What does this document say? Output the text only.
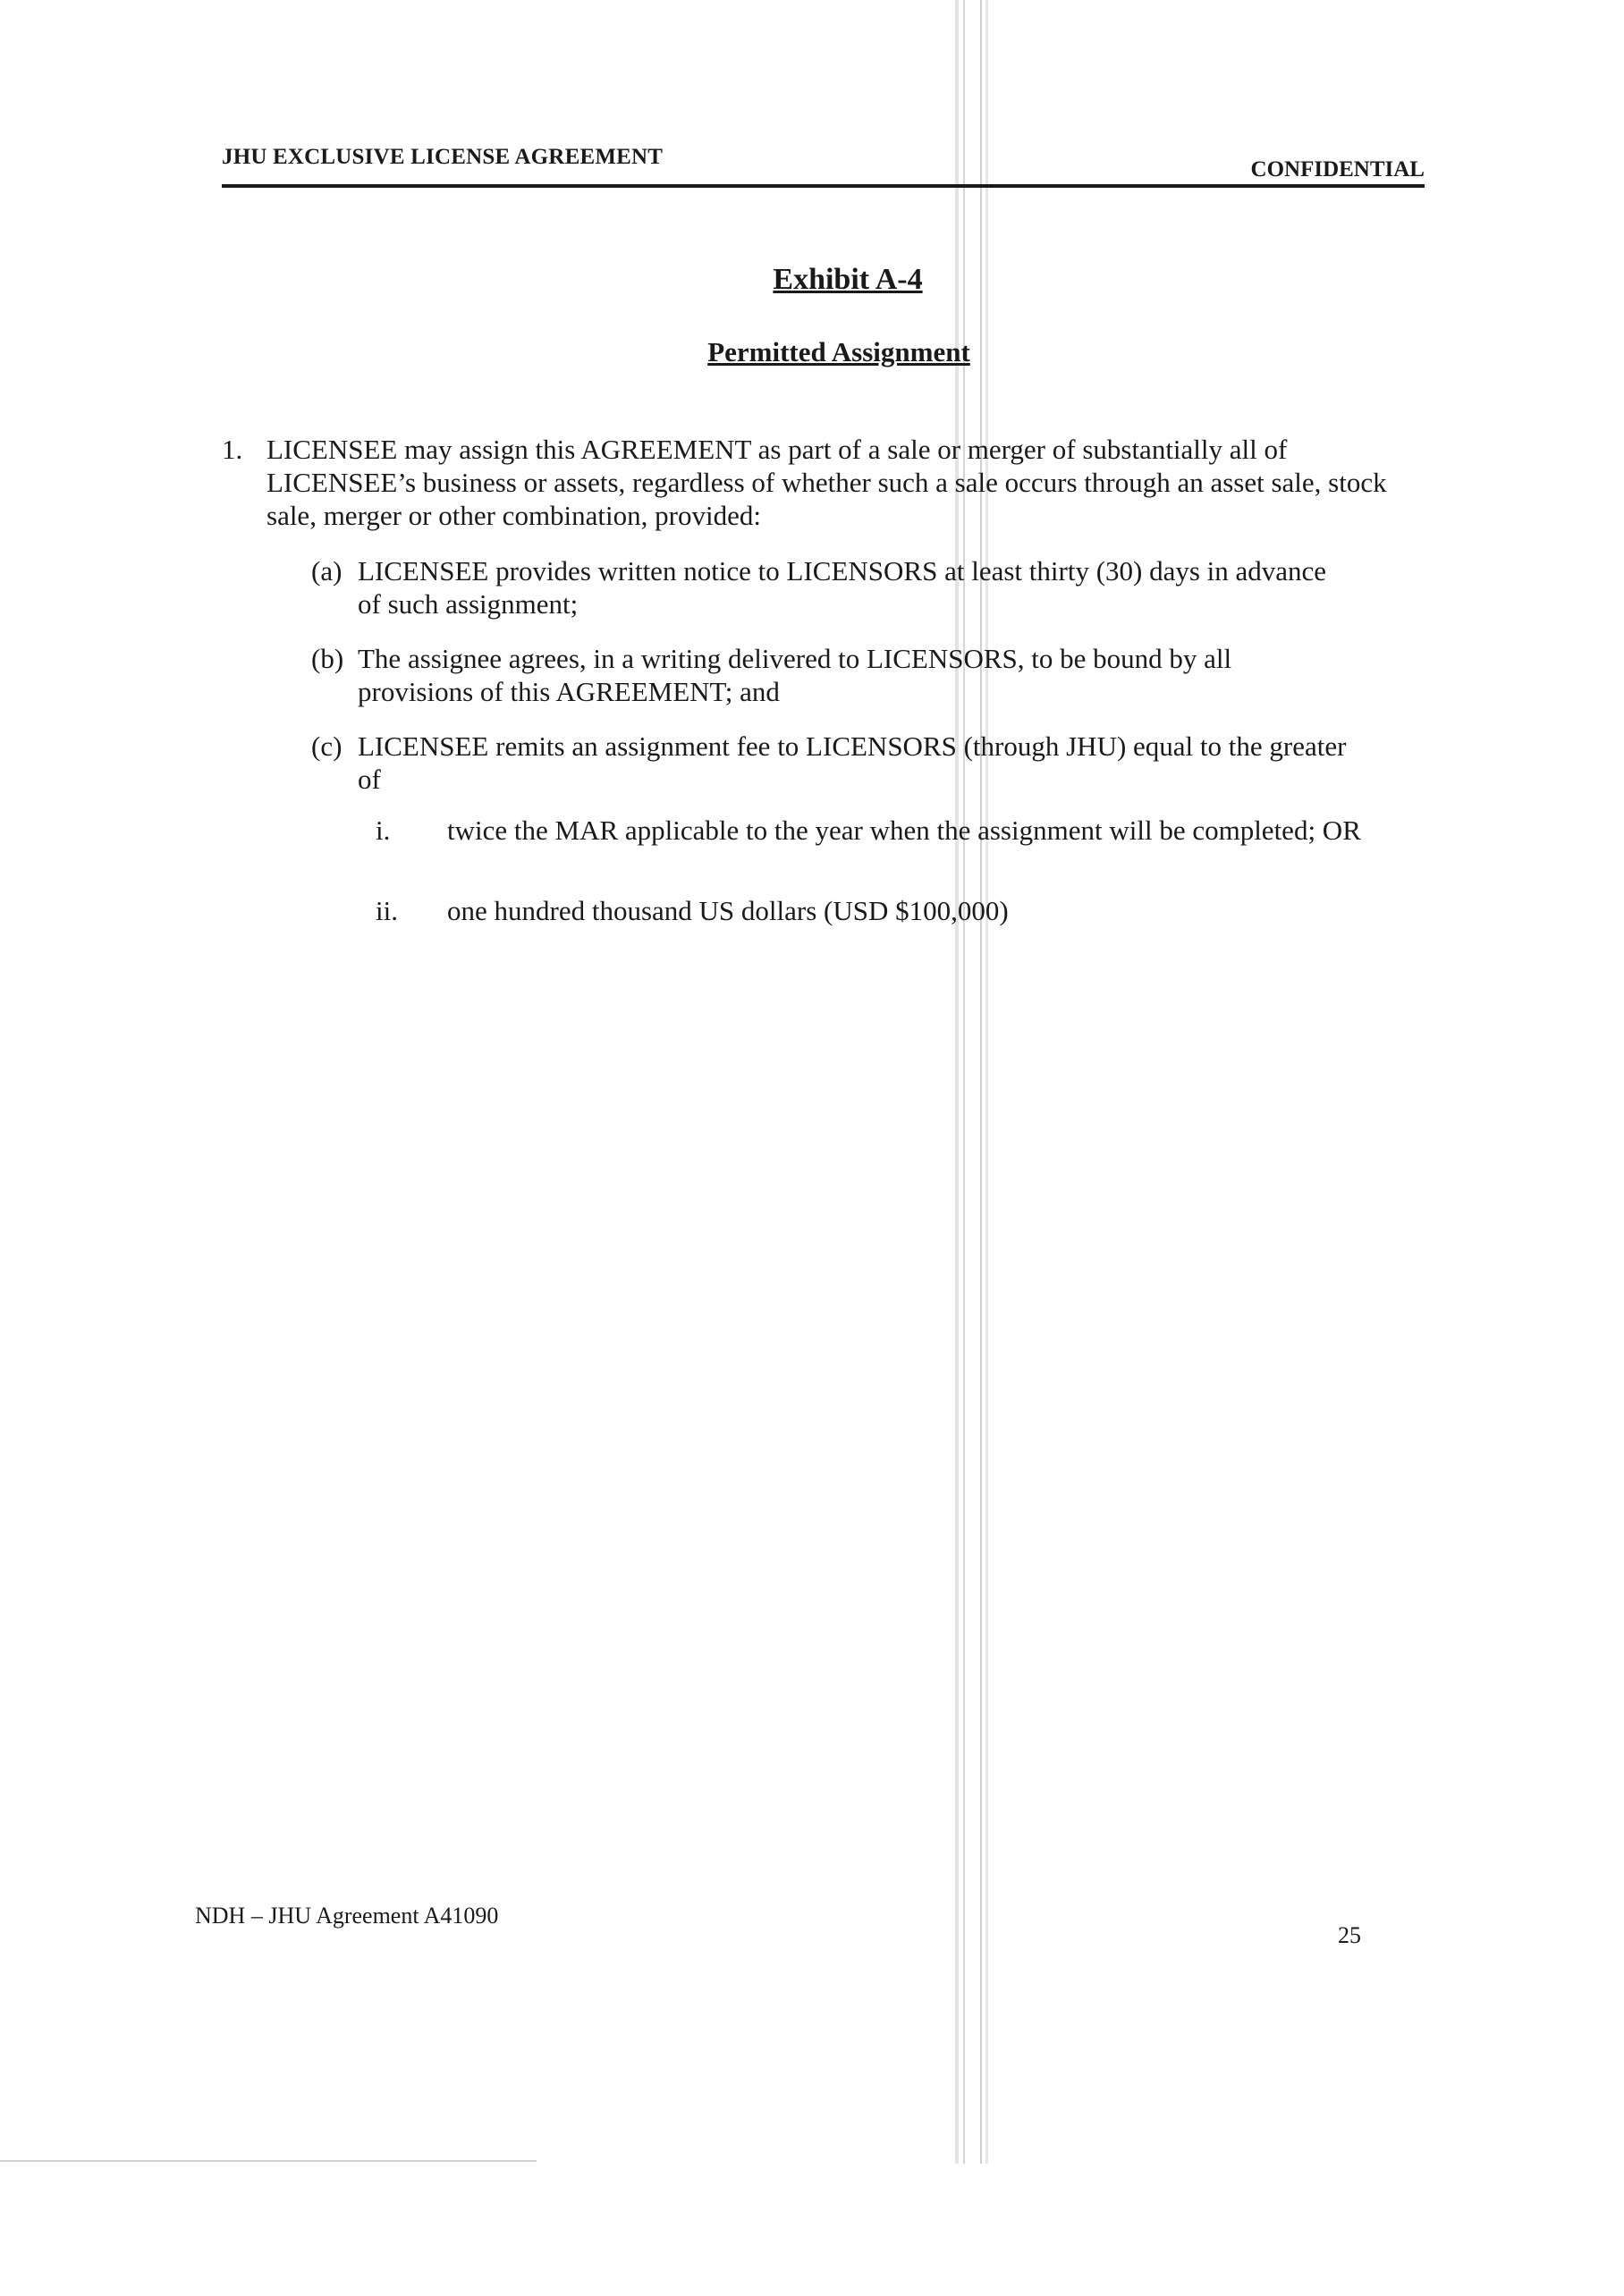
JHU EXCLUSIVE LICENSE AGREEMENT
CONFIDENTIAL
Exhibit A-4
Permitted Assignment
1. LICENSEE may assign this AGREEMENT as part of a sale or merger of substantially all of LICENSEE’s business or assets, regardless of whether such a sale occurs through an asset sale, stock sale, merger or other combination, provided:
(a) LICENSEE provides written notice to LICENSORS at least thirty (30) days in advance of such assignment;
(b) The assignee agrees, in a writing delivered to LICENSORS, to be bound by all provisions of this AGREEMENT; and
(c) LICENSEE remits an assignment fee to LICENSORS (through JHU) equal to the greater of
i. twice the MAR applicable to the year when the assignment will be completed; OR
ii. one hundred thousand US dollars (USD $100,000)
NDH – JHU Agreement A41090
25
